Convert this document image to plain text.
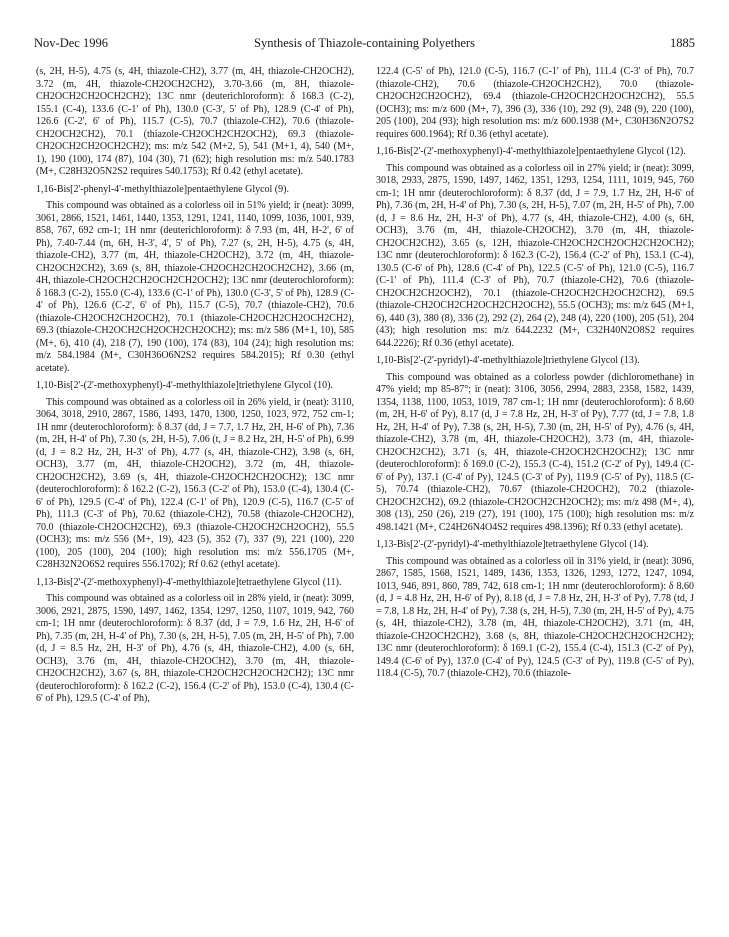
Nov-Dec 1996	Synthesis of Thiazole-containing Polyethers	1885

(s, 2H, H-5), 4.75 (s, 4H, thiazole-CH2), 3.77 (m, 4H, thiazole-CH2OCH2), 3.72 (m, 4H, thiazole-CH2OCH2CH2), 3.70-3.66 (m, 8H, thiazole-CH2OCH2CH2OCH2CH2); 13C nmr (deuterichloroform): δ 168.3 (C-2), 155.1 (C-4), 133.6 (C-1' of Ph), 130.0 (C-3', 5' of Ph), 128.9 (C-4' of Ph), 126.6 (C-2', 6' of Ph), 115.7 (C-5), 70.7 (thiazole-CH2), 70.6 (thiazole-CH2OCH2CH2), 70.1 (thiazole-CH2OCH2CH2OCH2), 69.3 (thiazole-CH2OCH2CH2OCH2CH2); ms: m/z 542 (M+2, 5), 541 (M+1, 4), 540 (M+, 1), 190 (100), 174 (87), 104 (30), 71 (62); high resolution ms: m/z 540.1783 (M+, C28H32O5N2S2 requires 540.1753); Rf 0.42 (ethyl acetate).

1,16-Bis[2'-phenyl-4'-methylthiazole]pentaethylene Glycol (9).

This compound was obtained as a colorless oil in 51% yield; ir (neat): 3099, 3061, 2866, 1521, 1461, 1440, 1353, 1291, 1241, 1140, 1099, 1036, 1001, 939, 858, 767, 692 cm-1; 1H nmr (deuterichloroform): δ 7.93 (m, 4H, H-2', 6' of Ph), 7.40-7.44 (m, 6H, H-3', 4', 5' of Ph), 7.27 (s, 2H, H-5), 4.75 (s, 4H, thiazole-CH2), 3.77 (m, 4H, thiazole-CH2OCH2), 3.72 (m, 4H, thiazole-CH2OCH2CH2), 3.69 (s, 8H, thiazole-CH2OCH2CH2OCH2CH2), 3.66 (m, 4H, thiazole-CH2OCH2CH2OCH2CH2OCH2); 13C nmr (deuterochloroform): δ 168.3 (C-2), 155.0 (C-4), 133.6 (C-1' of Ph), 130.0 (C-3', 5' of Ph), 128.9 (C-4' of Ph), 126.6 (C-2', 6' of Ph), 115.7 (C-5), 70.7 (thiazole-CH2), 70.6 (thiazole-CH2OCH2CH2OCH2), 70.1 (thiazole-CH2OCH2CH2OCH2CH2), 69.3 (thiazole-CH2OCH2CH2OCH2CH2OCH2); ms: m/z 586 (M+1, 10), 585 (M+, 6), 410 (4), 218 (7), 190 (100), 174 (83), 104 (24); high resolution ms: m/z 584.1984 (M+, C30H36O6N2S2 requires 584.2015); Rf 0.30 (ethyl acetate).

1,10-Bis[2'-(2'-methoxyphenyl)-4'-methylthiazole]triethylene Glycol (10).

This compound was obtained as a colorless oil in 26% yield, ir (neat): 3110, 3064, 3018, 2910, 2867, 1586, 1493, 1470, 1300, 1250, 1023, 972, 752 cm-1; 1H nmr (deuterochloroform): δ 8.37 (dd, J = 7.7, 1.7 Hz, 2H, H-6' of Ph), 7.36 (m, 2H, H-4' of Ph), 7.30 (s, 2H, H-5), 7.06 (t, J = 8.2 Hz, 2H, H-5' of Ph), 6.99 (d, J = 8.2 Hz, 2H, H-3' of Ph), 4.77 (s, 4H, thiazole-CH2), 3.98 (s, 6H, OCH3), 3.77 (m, 4H, thiazole-CH2OCH2), 3.72 (m, 4H, thiazole-CH2OCH2CH2), 3.69 (s, 4H, thiazole-CH2OCH2CH2OCH2); 13C nmr (deuterochloroform): δ 162.2 (C-2), 156.3 (C-2' of Ph), 153.0 (C-4), 130.4 (C-6' of Ph), 129.5 (C-4' of Ph), 122.4 (C-1' of Ph), 120.9 (C-5), 116.7 (C-5' of Ph), 111.3 (C-3' of Ph), 70.62 (thiazole-CH2), 70.58 (thiazole-CH2OCH2), 70.0 (thiazole-CH2OCH2CH2), 69.3 (thiazole-CH2OCH2CH2OCH2), 55.5 (OCH3); ms: m/z 556 (M+, 19), 423 (5), 352 (7), 337 (9), 221 (100), 220 (100), 205 (100), 204 (100); high resolution ms: m/z 556.1705 (M+, C28H32N2O6S2 requires 556.1702); Rf 0.62 (ethyl acetate).

1,13-Bis[2'-(2'-methoxyphenyl)-4'-methylthiazole]tetraethylene Glycol (11).

This compound was obtained as a colorless oil in 28% yield, ir (neat): 3099, 3006, 2921, 2875, 1590, 1497, 1462, 1354, 1297, 1250, 1107, 1019, 942, 760 cm-1; 1H nmr (deuterochloroform): δ 8.37 (dd, J = 7.9, 1.6 Hz, 2H, H-6' of Ph), 7.35 (m, 2H, H-4' of Ph), 7.30 (s, 2H, H-5), 7.05 (m, 2H, H-5' of Ph), 7.00 (d, J = 8.5 Hz, 2H, H-3' of Ph), 4.76 (s, 4H, thiazole-CH2), 4.00 (s, 6H, OCH3), 3.76 (m, 4H, thiazole-CH2OCH2), 3.70 (m, 4H, thiazole-CH2OCH2CH2), 3.67 (s, 8H, thiazole-CH2OCH2CH2OCH2CH2); 13C nmr (deuterochloroform): δ 162.2 (C-2), 156.4 (C-2' of Ph), 153.0 (C-4), 130.4 (C-6' of Ph), 129.5 (C-4' of Ph),

122.4 (C-5' of Ph), 121.0 (C-5), 116.7 (C-1' of Ph), 111.4 (C-3' of Ph), 70.7 (thiazole-CH2), 70.6 (thiazole-CH2OCH2CH2), 70.0 (thiazole-CH2OCH2CH2OCH2), 69.4 (thiazole-CH2OCH2CH2OCH2CH2), 55.5 (OCH3); ms: m/z 600 (M+, 7), 396 (3), 336 (10), 292 (9), 248 (9), 220 (100), 205 (100), 204 (93); high resolution ms: m/z 600.1938 (M+, C30H36N2O7S2 requires 600.1964); Rf 0.36 (ethyl acetate).

1,16-Bis[2'-(2'-methoxyphenyl)-4'-methylthiazole]pentaethylene Glycol (12).

This compound was obtained as a colorless oil in 27% yield; ir (neat): 3099, 3018, 2933, 2875, 1590, 1497, 1462, 1351, 1293, 1254, 1111, 1019, 945, 760 cm-1; 1H nmr (deuterochloroform): δ 8.37 (dd, J = 7.9, 1.7 Hz, 2H, H-6' of Ph), 7.36 (m, 2H, H-4' of Ph), 7.30 (s, 2H, H-5), 7.07 (m, 2H, H-5' of Ph), 7.00 (d, J = 8.6 Hz, 2H, H-3' of Ph), 4.77 (s, 4H, thiazole-CH2), 4.00 (s, 6H, OCH3), 3.76 (m, 4H, thiazole-CH2OCH2), 3.70 (m, 4H, thiazole-CH2OCH2CH2), 3.65 (s, 12H, thiazole-CH2OCH2CH2OCH2CH2OCH2); 13C nmr (deuterochloroform): δ 162.3 (C-2), 156.4 (C-2' of Ph), 153.1 (C-4), 130.5 (C-6' of Ph), 128.6 (C-4' of Ph), 122.5 (C-5' of Ph), 121.0 (C-5), 116.7 (C-1' of Ph), 111.4 (C-3' of Ph), 70.7 (thiazole-CH2), 70.6 (thiazole-CH2OCH2CH2OCH2), 70.1 (thiazole-CH2OCH2CH2OCH2CH2), 69.5 (thiazole-CH2OCH2CH2OCH2CH2OCH2), 55.5 (OCH3); ms: m/z 645 (M+1, 6), 440 (3), 380 (8), 336 (2), 292 (2), 264 (2), 248 (4), 220 (100), 205 (51), 204 (43); high resolution ms: m/z 644.2232 (M+, C32H40N2O8S2 requires 644.2226); Rf 0.36 (ethyl acetate).

1,10-Bis[2'-(2'-pyridyl)-4'-methylthiazole]triethylene Glycol (13).

This compound was obtained as a colorless powder (dichloromethane) in 47% yield; mp 85-87°; ir (neat): 3106, 3056, 2994, 2883, 2358, 1582, 1439, 1354, 1138, 1100, 1053, 1019, 787 cm-1; 1H nmr (deuterochloroform): δ 8.60 (m, 2H, H-6' of Py), 8.17 (d, J = 7.8 Hz, 2H, H-3' of Py), 7.77 (td, J = 7.8, 1.8 Hz, 2H, H-4' of Py), 7.38 (s, 2H, H-5), 7.30 (m, 2H, H-5' of Py), 4.76 (s, 4H, thiazole-CH2), 3.78 (m, 4H, thiazole-CH2OCH2), 3.73 (m, 4H, thiazole-CH2OCH2CH2), 3.71 (s, 4H, thiazole-CH2OCH2CH2OCH2); 13C nmr (deuterochloroform): δ 169.0 (C-2), 155.3 (C-4), 151.2 (C-2' of Py), 149.4 (C-6' of Py), 137.1 (C-4' of Py), 124.5 (C-3' of Py), 119.9 (C-5' of Py), 118.5 (C-5), 70.74 (thiazole-CH2), 70.67 (thiazole-CH2OCH2), 70.2 (thiazole-CH2OCH2CH2), 69.2 (thiazole-CH2OCH2CH2OCH2); ms: m/z 498 (M+, 4), 308 (13), 250 (26), 219 (27), 191 (100), 175 (100); high resolution ms: m/z 498.1421 (M+, C24H26N4O4S2 requires 498.1396); Rf 0.33 (ethyl acetate).

1,13-Bis[2'-(2'-pyridyl)-4'-methylthiazole]tetraethylene Glycol (14).

This compound was obtained as a colorless oil in 31% yield, ir (neat): 3096, 2867, 1585, 1568, 1521, 1489, 1436, 1353, 1326, 1293, 1272, 1247, 1094, 1013, 946, 891, 860, 789, 742, 618 cm-1; 1H nmr (deuterochloroform): δ 8.60 (d, J = 4.8 Hz, 2H, H-6' of Py), 8.18 (d, J = 7.8 Hz, 2H, H-3' of Py), 7.78 (td, J = 7.8, 1.8 Hz, 2H, H-4' of Py), 7.38 (s, 2H, H-5), 7.30 (m, 2H, H-5' of Py), 4.75 (s, 4H, thiazole-CH2), 3.78 (m, 4H, thiazole-CH2OCH2), 3.71 (m, 4H, thiazole-CH2OCH2CH2), 3.68 (s, 8H, thiazole-CH2OCH2CH2OCH2CH2); 13C nmr (deuterochloroform): δ 169.1 (C-2), 155.4 (C-4), 151.3 (C-2' of Py), 149.4 (C-6' of Py), 137.0 (C-4' of Py), 124.5 (C-3' of Py), 119.8 (C-5' of Py), 118.4 (C-5), 70.7 (thiazole-CH2), 70.6 (thiazole-
